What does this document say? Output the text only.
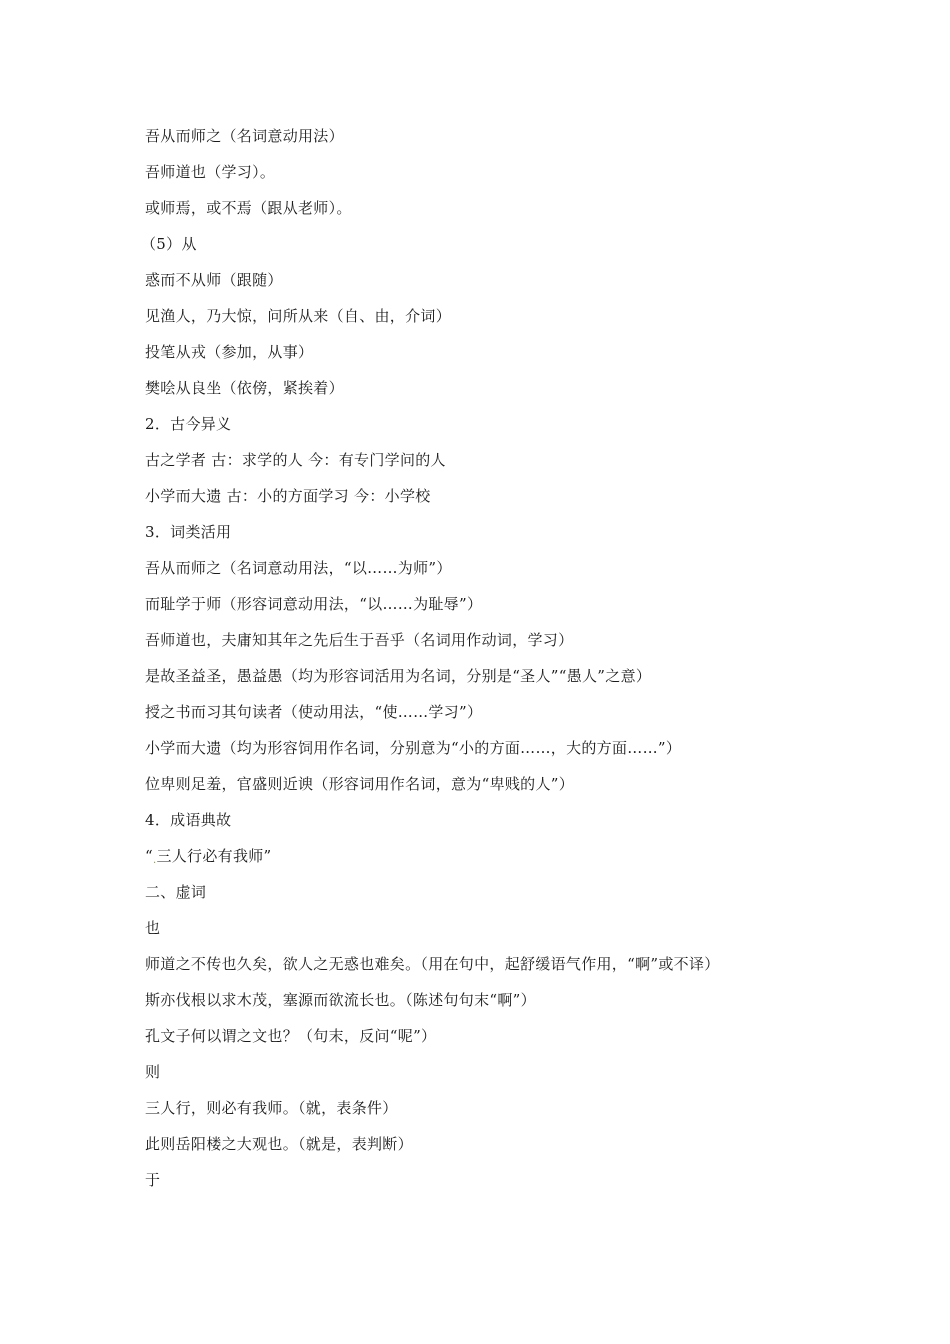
吾从而师之（名词意动用法）
吾师道也（学习）。
或师焉，或不焉（跟从老师）。
（5）从
惑而不从师（跟随）
见渔人，乃大惊，问所从来（自、由，介词）
投笔从戎（参加，从事）
樊哙从良坐（依傍，紧挨着）
2．古今异义
古之学者 古：求学的人 今：有专门学问的人
小学而大遗 古：小的方面学习 今：小学校
3．词类活用
吾从而师之（名词意动用法，“以……为师”）
而耻学于师（形容词意动用法，“以……为耻辱”）
吾师道也，夫庸知其年之先后生于吾乎（名词用作动词，学习）
是故圣益圣，愚益愚（均为形容词活用为名词，分别是“圣人”“愚人”之意）
授之书而习其句读者（使动用法，“使……学习”）
小学而大遗（均为形容饲用作名词，分别意为“小的方面……，大的方面……”）
位卑则足羞，官盛则近谀（形容词用作名词，意为“卑贱的人”）
4．成语典故
“.三人行必有我师”
二、虚词
也
师道之不传也久矣，欲人之无惑也难矣。（用在句中，起舒缓语气作用，“啊”或不译）
斯亦伐根以求木茂，塞源而欲流长也。（陈述句句末“啊”）
孔文子何以谓之文也？（句末，反问“呢”）
则
三人行，则必有我师。（就，表条件）
此则岳阳楼之大观也。（就是，表判断）
于
